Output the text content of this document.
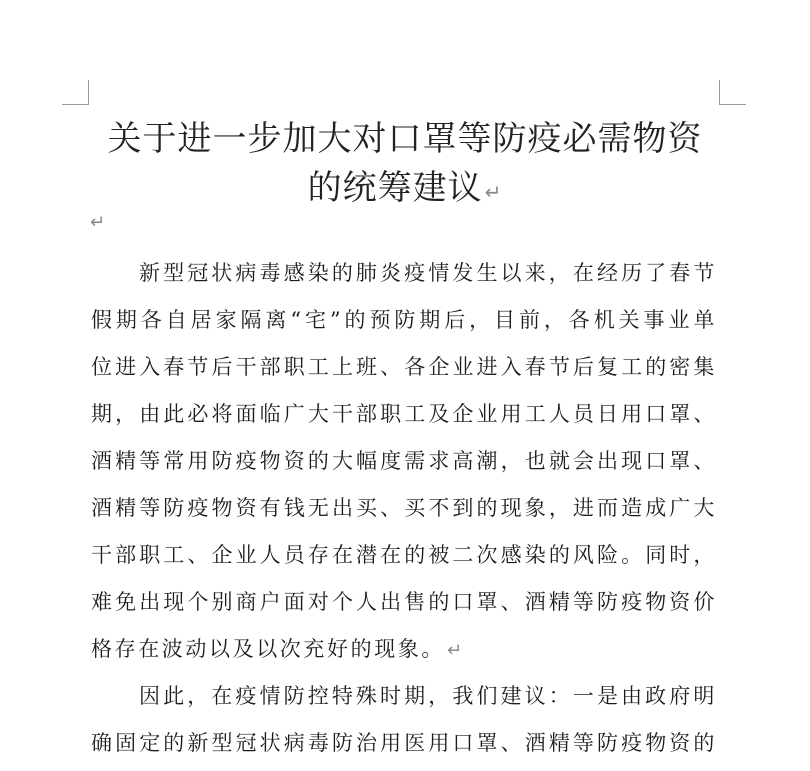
关于进一步加大对口罩等防疫必需物资
的统筹建议 ↵
↵
新型冠状病毒感染的肺炎疫情发生以来，在经历了春节
假期各自居家隔离“宅”的预防期后，目前，各机关事业单
位进入春节后干部职工上班、各企业进入春节后复工的密集
期，由此必将面临广大干部职工及企业用工人员日用口罩、
酒精等常用防疫物资的大幅度需求高潮，也就会出现口罩、
酒精等防疫物资有钱无出买、买不到的现象，进而造成广大
干部职工、企业人员存在潜在的被二次感染的风险。同时，
难免出现个别商户面对个人出售的口罩、酒精等防疫物资价
格存在波动以及以次充好的现象。 ↵
因此，在疫情防控特殊时期，我们建议：一是由政府明
确固定的新型冠状病毒防治用医用口罩、酒精等防疫物资的
